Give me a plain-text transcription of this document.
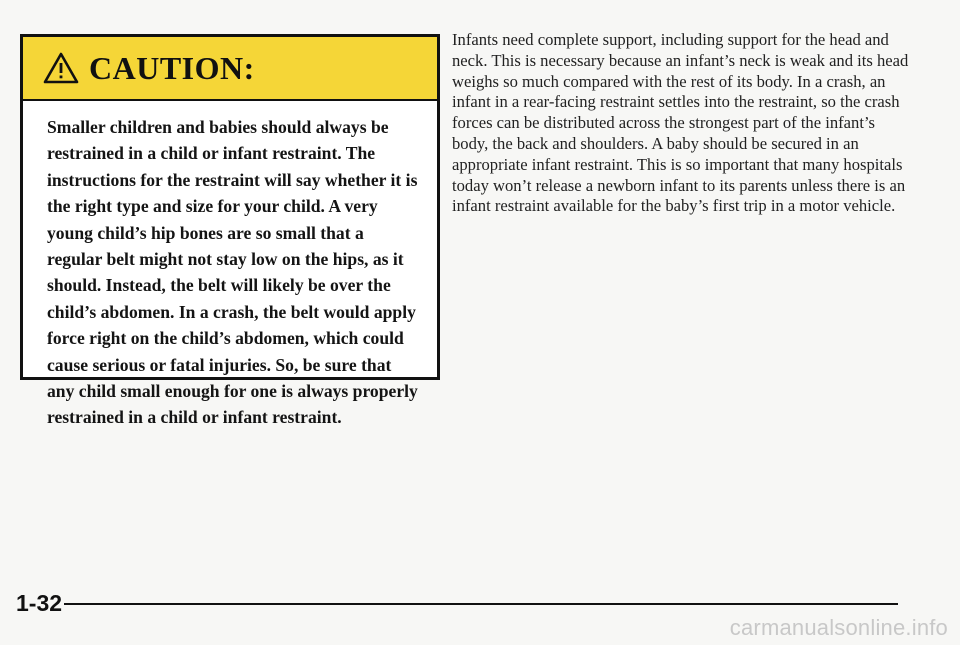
CAUTION:
Smaller children and babies should always be restrained in a child or infant restraint. The instructions for the restraint will say whether it is the right type and size for your child. A very young child’s hip bones are so small that a regular belt might not stay low on the hips, as it should. Instead, the belt will likely be over the child’s abdomen. In a crash, the belt would apply force right on the child’s abdomen, which could cause serious or fatal injuries. So, be sure that any child small enough for one is always properly restrained in a child or infant restraint.
Infants need complete support, including support for the head and neck. This is necessary because an infant’s neck is weak and its head weighs so much compared with the rest of its body. In a crash, an infant in a rear-facing restraint settles into the restraint, so the crash forces can be distributed across the strongest part of the infant’s body, the back and shoulders. A baby should be secured in an appropriate infant restraint. This is so important that many hospitals today won’t release a newborn infant to its parents unless there is an infant restraint available for the baby’s first trip in a motor vehicle.
1-32
carmanualsonline.info
